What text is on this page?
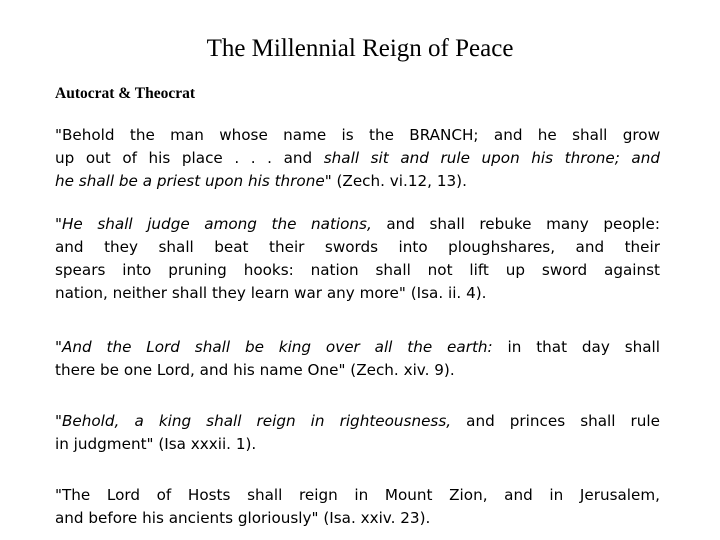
The Millennial Reign of Peace
Autocrat & Theocrat
"Behold the man whose name is the BRANCH; and he shall grow
up out of his place . . . and shall sit and rule upon his throne; and
he shall be a priest upon his throne" (Zech. vi.12, 13).
"He shall judge among the nations, and shall rebuke many people:
and they shall beat their swords into ploughshares, and their
spears into pruning hooks: nation shall not lift up sword against
nation, neither shall they learn war any more" (Isa. ii. 4).
"And the Lord shall be king over all the earth: in that day shall
there be one Lord, and his name One" (Zech. xiv. 9).
"Behold, a king shall reign in righteousness, and princes shall rule
in judgment" (Isa xxxii. 1).
"The Lord of Hosts shall reign in Mount Zion, and in Jerusalem,
and before his ancients gloriously" (Isa. xxiv. 23).
